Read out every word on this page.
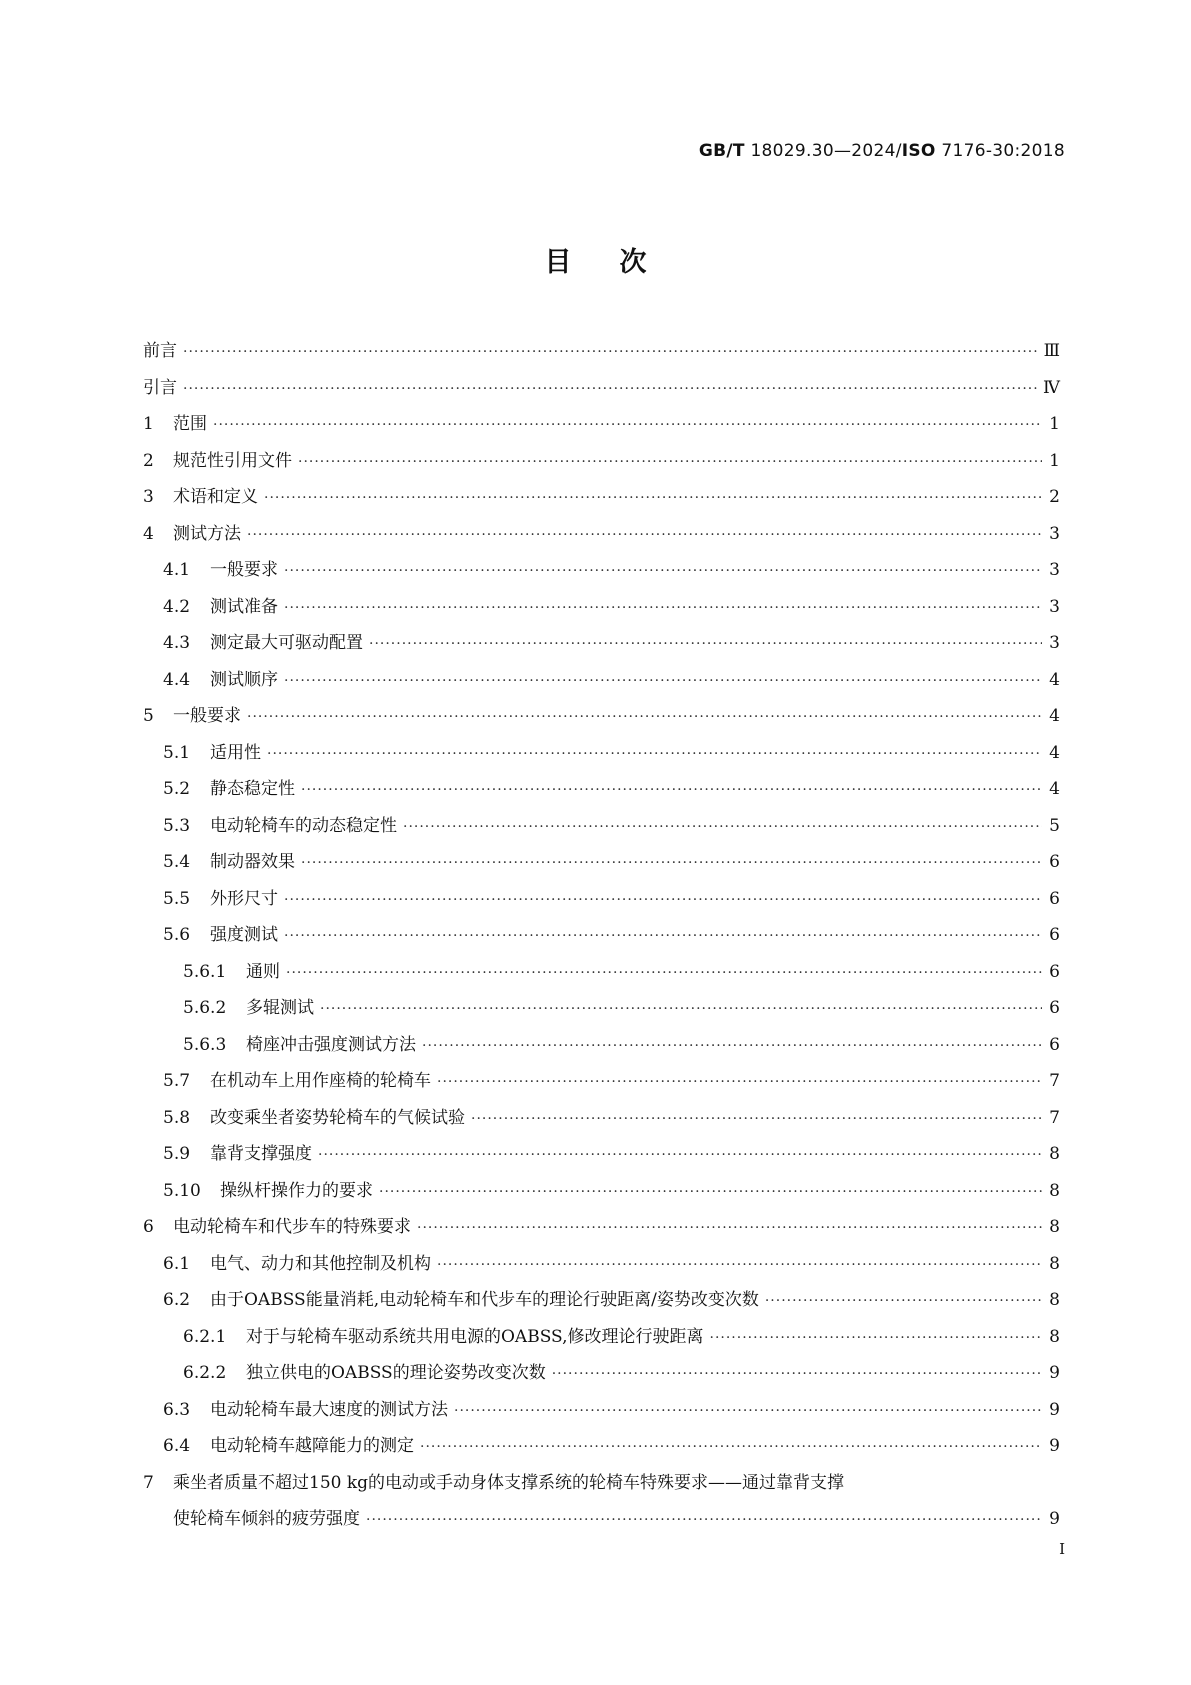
GB/T 18029.30—2024/ISO 7176-30:2018
目次
前言 ·····	Ⅲ
引言 ·····	Ⅳ
1	范围 ·····	1
2	规范性引用文件 ·····	1
3	术语和定义 ·····	2
4	测试方法 ·····	3
4.1	一般要求 ·····	3
4.2	测试准备 ·····	3
4.3	测定最大可驱动配置 ·····	3
4.4	测试顺序 ·····	4
5	一般要求 ·····	4
5.1	适用性 ·····	4
5.2	静态稳定性 ·····	4
5.3	电动轮椅车的动态稳定性 ·····	5
5.4	制动器效果 ·····	6
5.5	外形尺寸 ·····	6
5.6	强度测试 ·····	6
5.6.1	通则 ·····	6
5.6.2	多辊测试 ·····	6
5.6.3	椅座冲击强度测试方法 ·····	6
5.7	在机动车上用作座椅的轮椅车 ·····	7
5.8	改变乘坐者姿势轮椅车的气候试验 ·····	7
5.9	靠背支撑强度 ·····	8
5.10	操纵杆操作力的要求 ·····	8
6	电动轮椅车和代步车的特殊要求 ·····	8
6.1	电气、动力和其他控制及机构 ·····	8
6.2	由于OABSS能量消耗,电动轮椅车和代步车的理论行驶距离/姿势改变次数 ·····	8
6.2.1	对于与轮椅车驱动系统共用电源的OABSS,修改理论行驶距离 ·····	8
6.2.2	独立供电的OABSS的理论姿势改变次数 ·····	9
6.3	电动轮椅车最大速度的测试方法 ·····	9
6.4	电动轮椅车越障能力的测定 ·····	9
7	乘坐者质量不超过150 kg的电动或手动身体支撑系统的轮椅车特殊要求——通过靠背支撑
使轮椅车倾斜的疲劳强度 ·····	9
Ⅰ
